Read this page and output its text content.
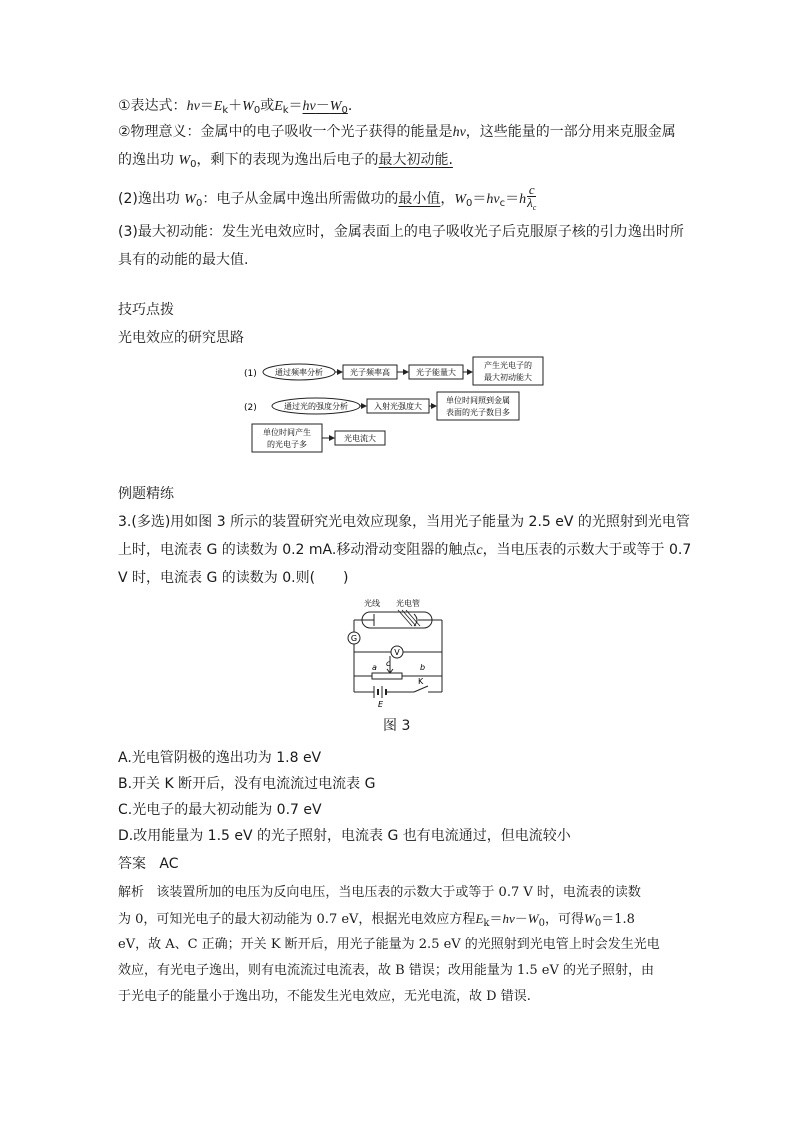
①表达式：$h\nu=E_k+W_0$或$E_k=h\nu-W_0$.
②物理意义：金属中的电子吸收一个光子获得的能量是hν，这些能量的一部分用来克服金属
的逸出功 $W_0$，剩下的表现为逸出后电子的最大初动能.
(2)逸出功 $W_0$：电子从金属中逸出所需做功的最小值，$W_0=h\nu_c=h \frac{c}{\lambda_c}$
(3)最大初动能：发生光电效应时，金属表面上的电子吸收光子后克服原子核的引力逸出时所
具有的动能的最大值.
技巧点拨
光电效应的研究思路
(1) 通过频率分析	光子频率高	光子能量大
产生光电子的
最大初动能大
(2)	通过光的强度分析	入射光强度大
单位时间照到金属
表面的光子数目多
单位时间产生
的光电子多
光电流大
例题精练
3.(多选)用如图 3 所示的装置研究光电效应现象，当用光子能量为 2.5 eV 的光照射到光电管
上时，电流表 G 的读数为 0.2 mA.移动滑动变阻器的触点c，当电压表的示数大于或等于 0.7
V 时，电流表 G 的读数为 0.则(　　)
光线 光电管
G
V
a	b
c
E
K
图 3
A.光电管阴极的逸出功为 1.8 eV
B.开关 K 断开后，没有电流流过电流表 G
C.光电子的最大初动能为 0.7 eV
D.改用能量为 1.5 eV 的光子照射，电流表 G 也有电流通过，但电流较小
答案 AC
解析 该装置所加的电压为反向电压，当电压表的示数大于或等于 0.7 V 时，电流表的读数
为 0，可知光电子的最大初动能为 0.7 eV，根据光电效应方程$E_k=h\nu-W_0$，可得$W_0=1.8$
eV，故 A、C 正确；开关 K 断开后，用光子能量为 2.5 eV 的光照射到光电管上时会发生光电
效应，有光电子逸出，则有电流流过电流表，故 B 错误；改用能量为 1.5 eV 的光子照射，由
于光电子的能量小于逸出功，不能发生光电效应，无光电流，故 D 错误.
